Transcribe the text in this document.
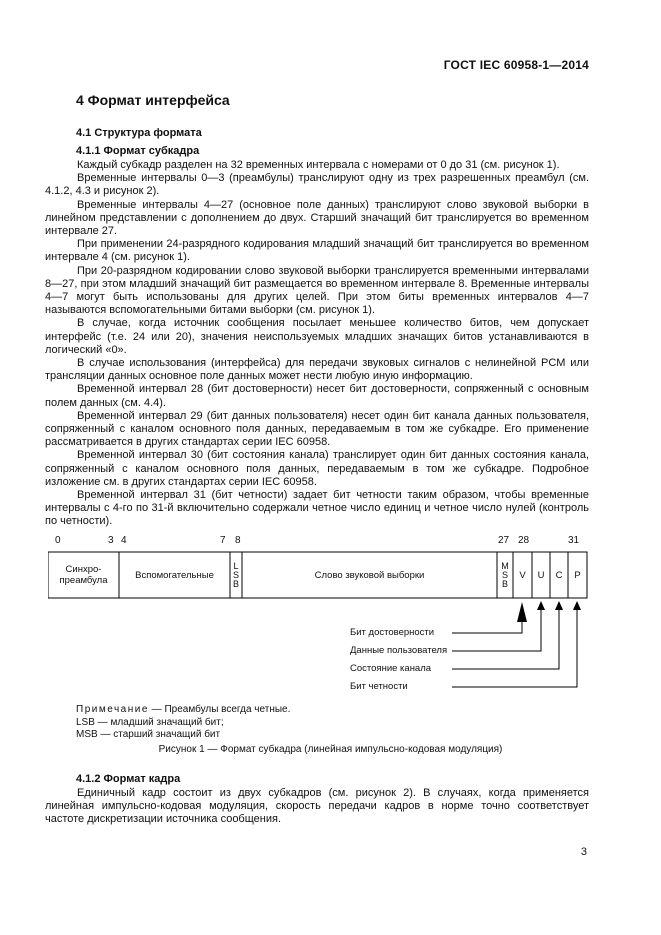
ГОСТ IEC 60958-1—2014
4 Формат интерфейса
4.1 Структура формата
4.1.1 Формат субкадра

Каждый субкадр разделен на 32 временных интервала с номерами от 0 до 31 (см. рисунок 1).

Временные интервалы 0—3 (преамбулы) транслируют одну из трех разрешенных преамбул (см. 4.1.2, 4.3 и рисунок 2).

Временные интервалы 4—27 (основное поле данных) транслируют слово звуковой выборки в линейном представлении с дополнением до двух. Старший значащий бит транслируется во временном интервале 27.

При применении 24-разрядного кодирования младший значащий бит транслируется во временном интервале 4 (см. рисунок 1).

При 20-разрядном кодировании слово звуковой выборки транслируется временными интервалами 8—27, при этом младший значащий бит размещается во временном интервале 8. Временные интервалы 4—7 могут быть использованы для других целей. При этом биты временных интервалов 4—7 называются вспомогательными битами выборки (см. рисунок 1).

В случае, когда источник сообщения посылает меньшее количество битов, чем допускает интерфейс (т.е. 24 или 20), значения неиспользуемых младших значащих битов устанавливаются в логический «0».

В случае использования (интерфейса) для передачи звуковых сигналов с нелинейной PCM или трансляции данных основное поле данных может нести любую иную информацию.

Временной интервал 28 (бит достоверности) несет бит достоверности, сопряженный с основным полем данных (см. 4.4).

Временной интервал 29 (бит данных пользователя) несет один бит канала данных пользователя, сопряженный с каналом основного поля данных, передаваемым в том же субкадре. Его применение рассматривается в других стандартах серии IEC 60958.

Временной интервал 30 (бит состояния канала) транслирует один бит данных состояния канала, сопряженный с каналом основного поля данных, передаваемым в том же субкадре. Подробное изложение см. в других стандартах серии IEC 60958.

Временной интервал 31 (бит четности) задает бит четности таким образом, чтобы временные интервалы с 4-го по 31-й включительно содержали четное число единиц и четное число нулей (контроль по четности).

0	3 4	7 8	27 28	31
Синхро-
преамбула	Вспомогательные
L
S
B
Слово звуковой выборки
M
S
B
V	U	C	P
Бит достоверности
Данные пользователя
Состояние канала
Бит четности
Примечание — Преамбулы всегда четные.
LSB — младший значащий бит;
MSB — старший значащий бит
Рисунок 1 — Формат субкадра (линейная импульсно-кодовая модуляция)
4.1.2 Формат кадра

Единичный кадр состоит из двух субкадров (см. рисунок 2). В случаях, когда применяется линейная импульсно-кодовая модуляция, скорость передачи кадров в норме точно соответствует частоте дискретизации источника сообщения.

3
